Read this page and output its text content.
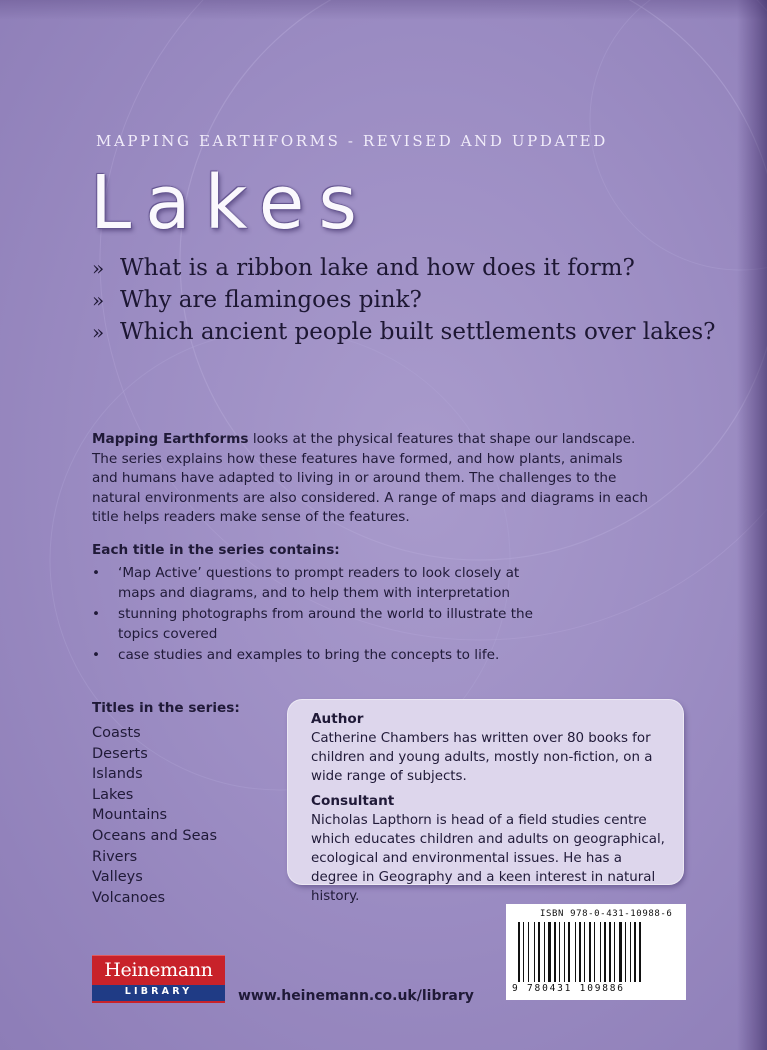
MAPPING EARTHFORMS - REVISED AND UPDATED
Lakes
» What is a ribbon lake and how does it form?
» Why are flamingoes pink?
» Which ancient people built settlements over lakes?

Mapping Earthforms looks at the physical features that shape our landscape. The series explains how these features have formed, and how plants, animals and humans have adapted to living in or around them. The challenges to the natural environments are also considered. A range of maps and diagrams in each title helps readers make sense of the features.

Each title in the series contains:
• ‘Map Active’ questions to prompt readers to look closely at maps and diagrams, and to help them with interpretation
• stunning photographs from around the world to illustrate the topics covered
• case studies and examples to bring the concepts to life.
Titles in the series:
Coasts
Deserts
Islands
Lakes
Mountains
Oceans and Seas
Rivers
Valleys
Volcanoes
Author

Catherine Chambers has written over 80 books for children and young adults, mostly non-fiction, on a wide range of subjects.

Consultant

Nicholas Lapthorn is head of a field studies centre which educates children and adults on geographical, ecological and environmental issues. He has a degree in Geography and a keen interest in natural history.

ISBN 978-0-431-10988-6
9 780431 109886
Heinemann
LIBRARY	www.heinemann.co.uk/library
